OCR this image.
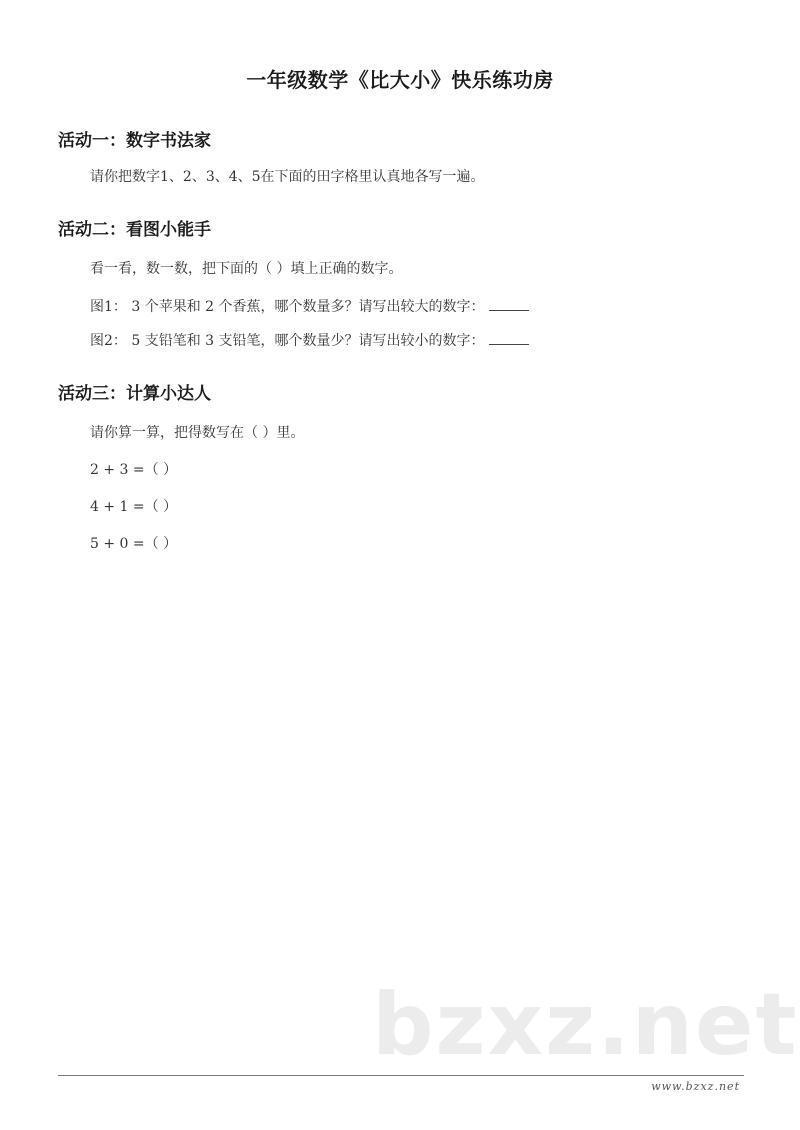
一年级数学《比大小》快乐练功房
活动一：数字书法家
请你把数字1、2、3、4、5在下面的田字格里认真地各写一遍。
活动二：看图小能手
看一看，数一数，把下面的（ ）填上正确的数字。
图1： 3 个苹果和 2 个香蕉，哪个数量多？请写出较大的数字：
图2： 5 支铅笔和 3 支铅笔，哪个数量少？请写出较小的数字：
活动三：计算小达人
请你算一算，把得数写在（ ）里。
2 + 3 =（ ）
4 + 1 =（ ）
5 + 0 =（ ）
bzxz.net
www.bzxz.net
